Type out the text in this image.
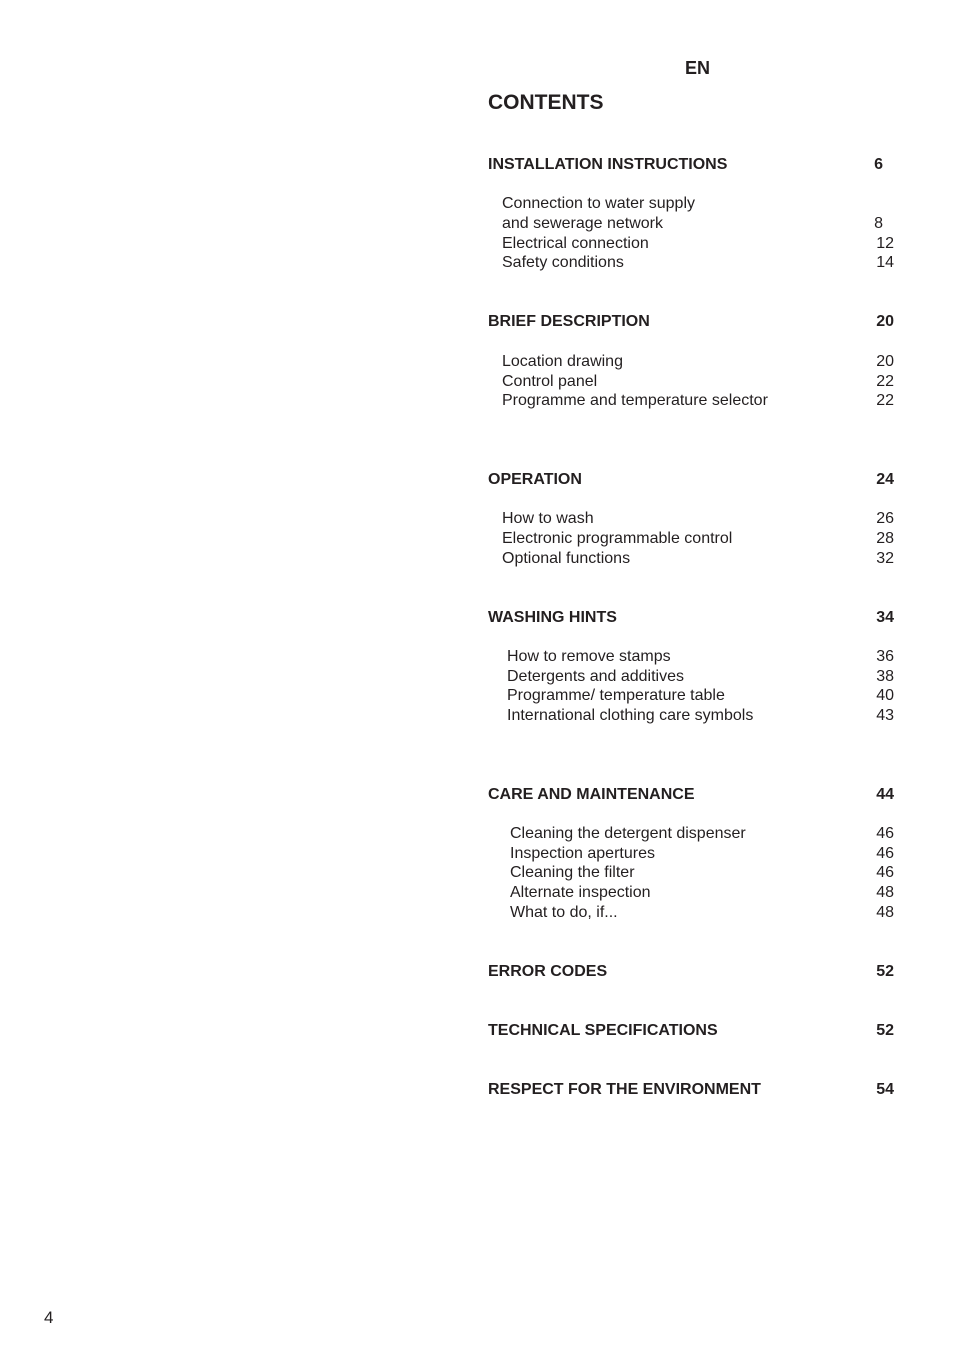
EN
CONTENTS
INSTALLATION INSTRUCTIONS	6
Connection to water supply
and sewerage network	8
Electrical connection	12
Safety conditions	14
BRIEF DESCRIPTION	20
Location drawing	20
Control panel	22
Programme and temperature selector	22
OPERATION	24
How to wash	26
Electronic programmable control	28
Optional functions	32
WASHING HINTS	34
How to remove stamps	36
Detergents and additives	38
Programme/ temperature table	40
International clothing care symbols	43
CARE AND MAINTENANCE	44
Cleaning the detergent dispenser	46
Inspection apertures	46
Cleaning the filter	46
Alternate inspection	48
What to do, if...	48
ERROR CODES	52
TECHNICAL SPECIFICATIONS	52
RESPECT FOR THE ENVIRONMENT	54
4
